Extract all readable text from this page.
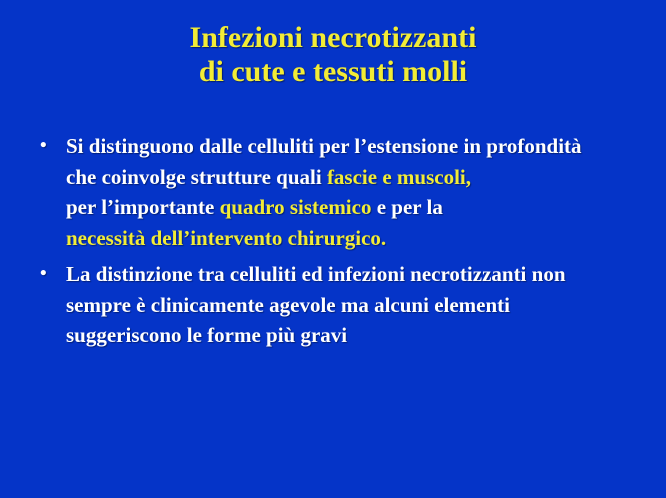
Infezioni necrotizzanti
di cute e tessuti molli
• Si distinguono dalle celluliti per l’estensione in profondità
che coinvolge strutture quali fascie e muscoli,
per l’importante quadro sistemico e per la
necessità dell’intervento chirurgico.
• La distinzione tra celluliti ed infezioni necrotizzanti non
sempre è clinicamente agevole ma alcuni elementi
suggeriscono le forme più gravi
